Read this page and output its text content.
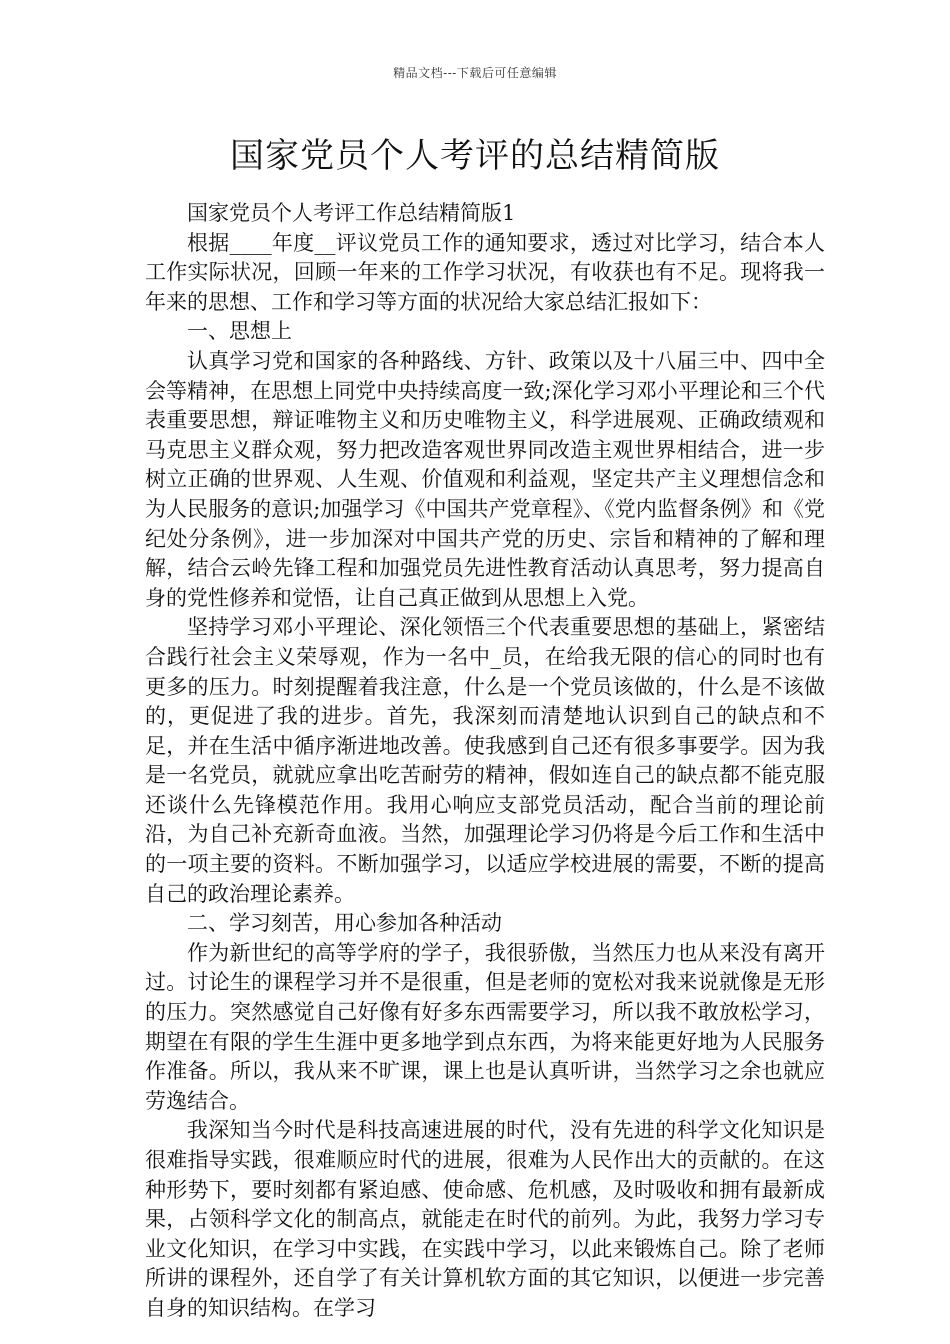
精品文档---下载后可任意编辑
国家党员个人考评的总结精简版

国家党员个人考评工作总结精简版1

根据____年度__评议党员工作的通知要求，透过对比学习，结合本人工作实际状况，回顾一年来的工作学习状况，有收获也有不足。现将我一年来的思想、工作和学习等方面的状况给大家总结汇报如下：

一、思想上

认真学习党和国家的各种路线、方针、政策以及十八届三中、四中全会等精神，在思想上同党中央持续高度一致;深化学习邓小平理论和三个代表重要思想，辩证唯物主义和历史唯物主义，科学进展观、正确政绩观和马克思主义群众观，努力把改造客观世界同改造主观世界相结合，进一步树立正确的世界观、人生观、价值观和利益观，坚定共产主义理想信念和为人民服务的意识;加强学习《中国共产党章程》、《党内监督条例》和《党纪处分条例》，进一步加深对中国共产党的历史、宗旨和精神的了解和理解，结合云岭先锋工程和加强党员先进性教育活动认真思考，努力提高自身的党性修养和觉悟，让自己真正做到从思想上入党。

坚持学习邓小平理论、深化领悟三个代表重要思想的基础上，紧密结合践行社会主义荣辱观，作为一名中_员，在给我无限的信心的同时也有更多的压力。时刻提醒着我注意，什么是一个党员该做的，什么是不该做的，更促进了我的进步。首先，我深刻而清楚地认识到自己的缺点和不足，并在生活中循序渐进地改善。使我感到自己还有很多事要学。因为我是一名党员，就就应拿出吃苦耐劳的精神，假如连自己的缺点都不能克服还谈什么先锋模范作用。我用心响应支部党员活动，配合当前的理论前沿，为自己补充新奇血液。当然，加强理论学习仍将是今后工作和生活中的一项主要的资料。不断加强学习，以适应学校进展的需要，不断的提高自己的政治理论素养。

二、学习刻苦，用心参加各种活动

作为新世纪的高等学府的学子，我很骄傲，当然压力也从来没有离开过。讨论生的课程学习并不是很重，但是老师的宽松对我来说就像是无形的压力。突然感觉自己好像有好多东西需要学习，所以我不敢放松学习，期望在有限的学生生涯中更多地学到点东西，为将来能更好地为人民服务作准备。所以，我从来不旷课，课上也是认真听讲，当然学习之余也就应劳逸结合。

我深知当今时代是科技高速进展的时代，没有先进的科学文化知识是很难指导实践，很难顺应时代的进展，很难为人民作出大的贡献的。在这种形势下，要时刻都有紧迫感、使命感、危机感，及时吸收和拥有最新成果，占领科学文化的制高点，就能走在时代的前列。为此，我努力学习专业文化知识，在学习中实践，在实践中学习，以此来锻炼自己。除了老师所讲的课程外，还自学了有关计算机软方面的其它知识，以便进一步完善自身的知识结构。在学习
